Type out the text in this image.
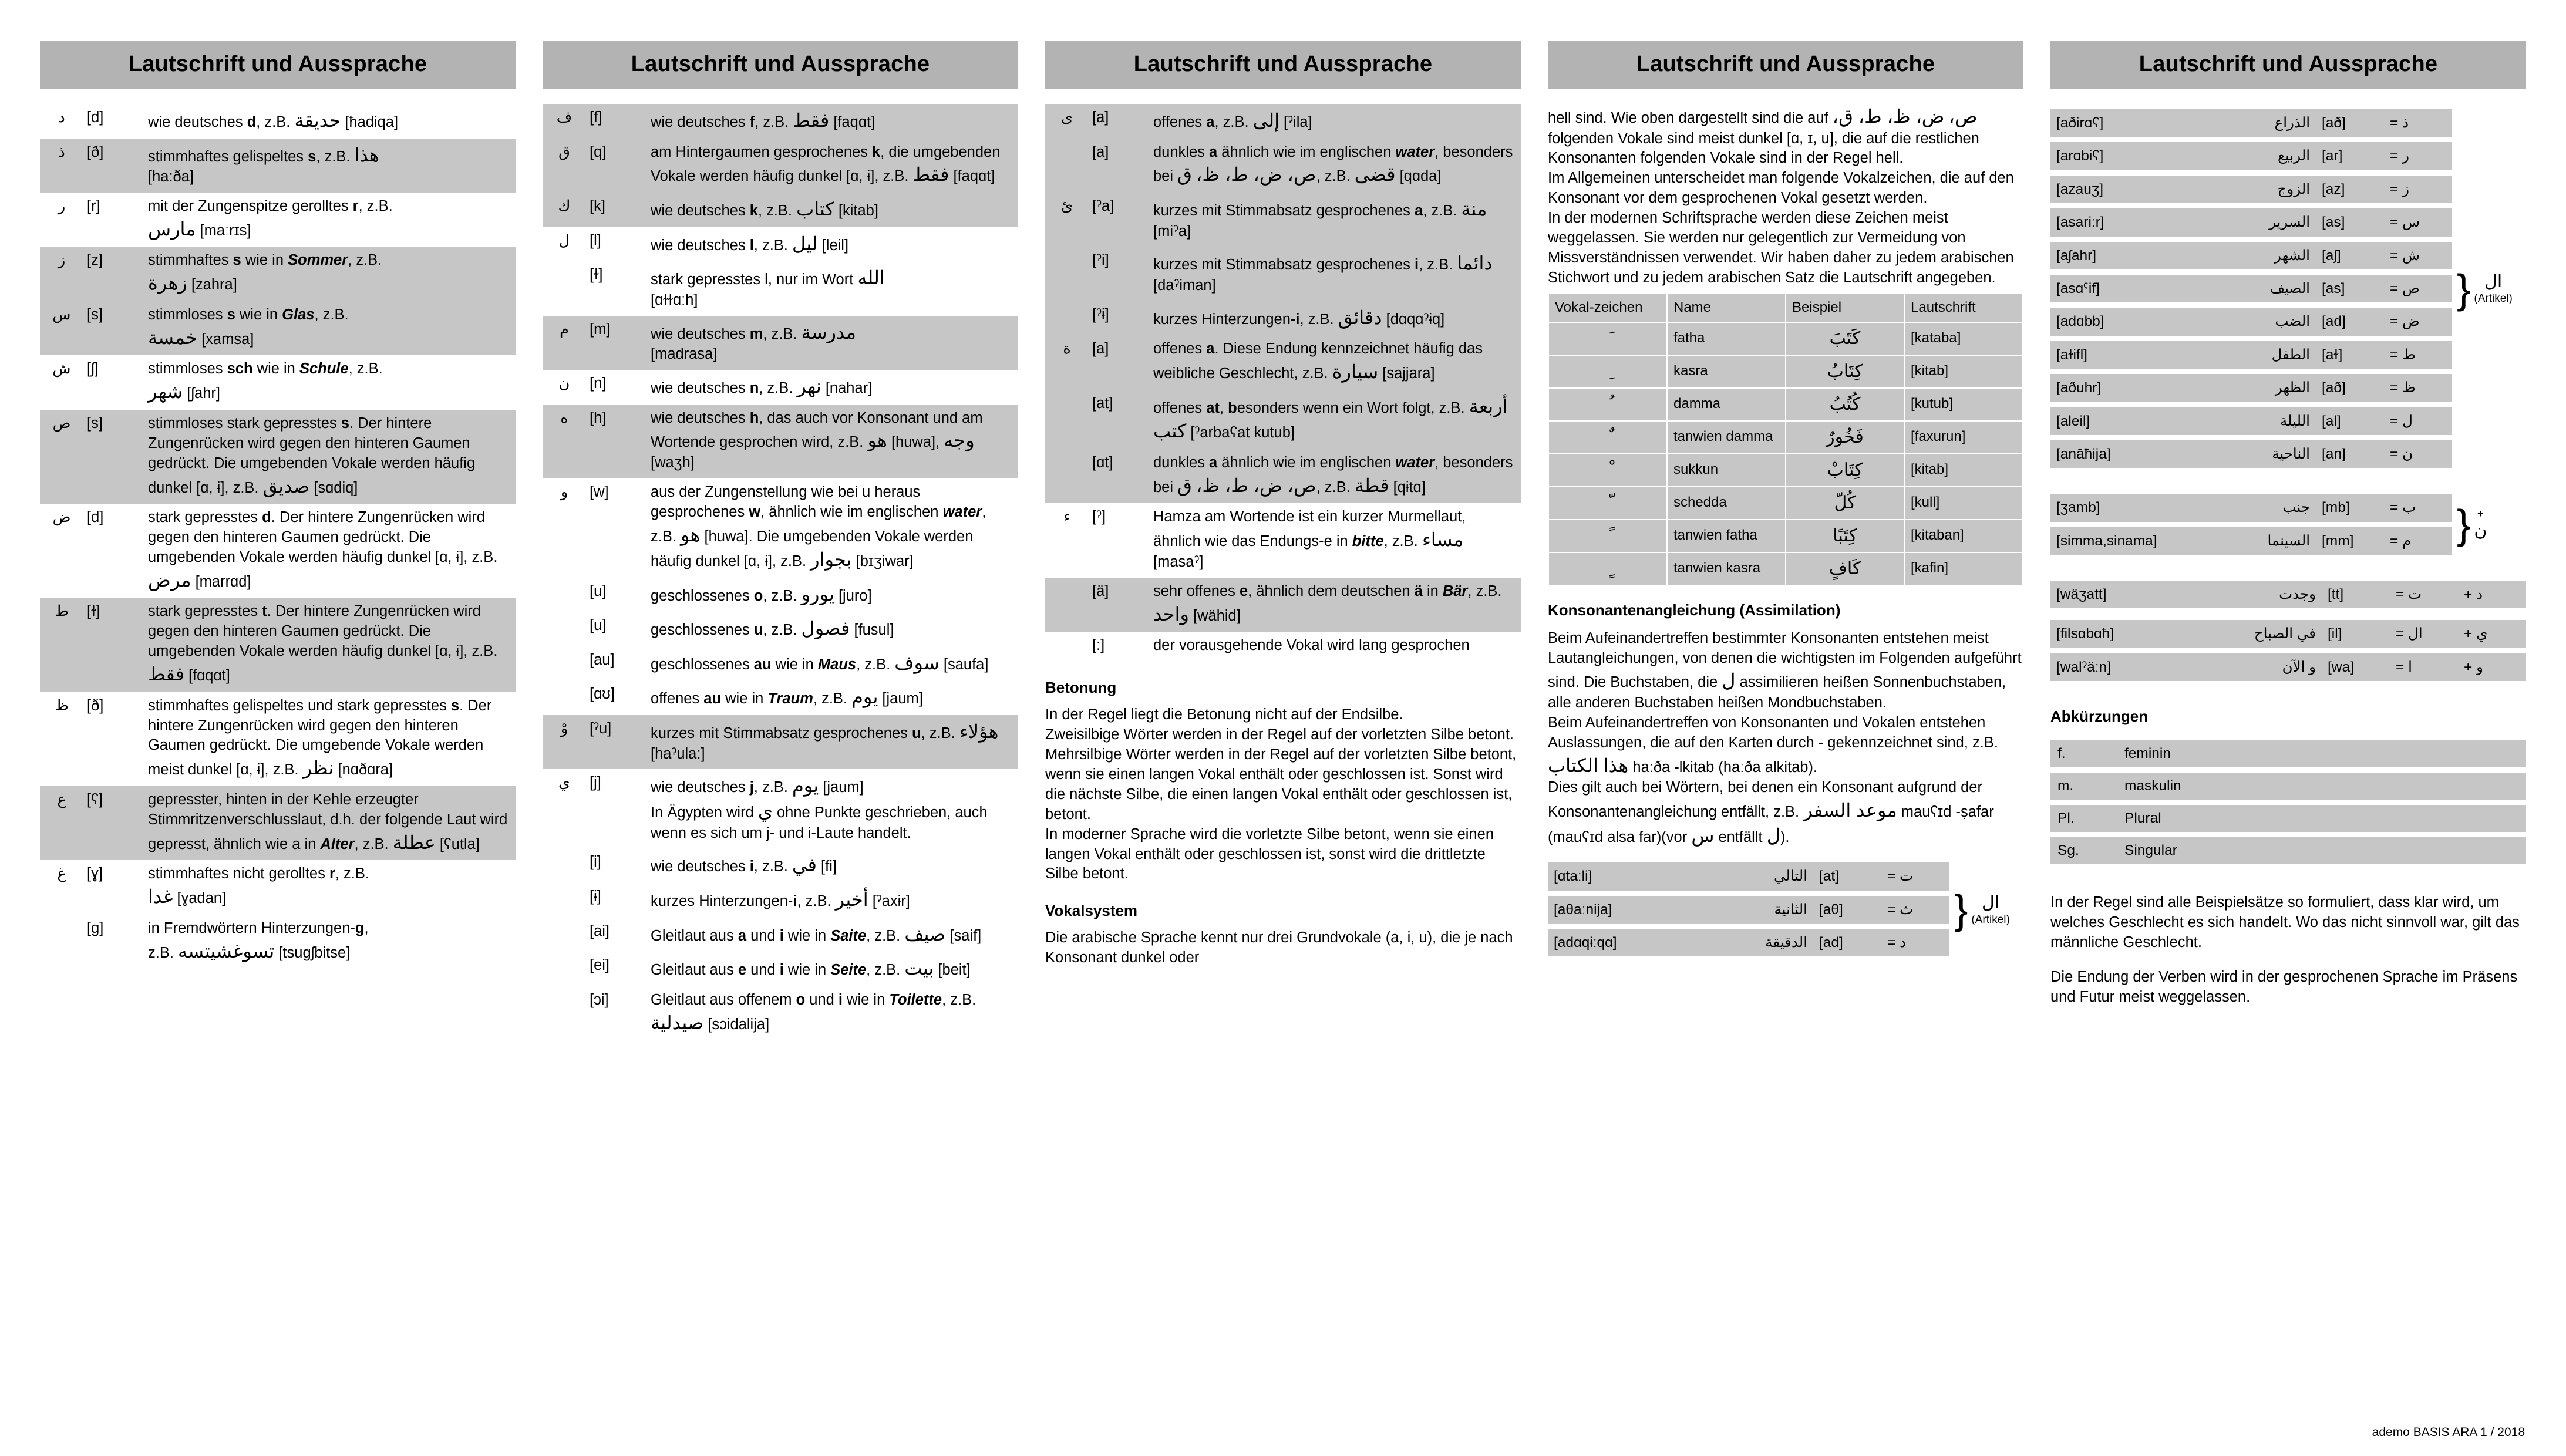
Lautschrift und Aussprache
د	[d]	wie deutsches d, z.B. حديقة [ħadiqa]
ذ	[ð]	stimmhaftes gelispeltes s, z.B. هذا
[ha:ða]
ر	[r]	mit der Zungenspitze gerolltes r, z.B.
مارس [maːrɪs]
ز	[z]	stimmhaftes s wie in Sommer, z.B.
زهرة [zahra]
س	[s]	stimmloses s wie in Glas, z.B.
خمسة [xamsa]
ش	[ʃ]	stimmloses sch wie in Schule, z.B.
شهر [ʃahr]
ص	[s]	stimmloses stark gepresstes s. Der hintere Zungenrücken wird gegen den hinteren Gaumen gedrückt. Die umgebenden Vokale werden häufig dunkel [ɑ, ɨ], z.B. صديق [sɑdiq]
ض	[d]	stark gepresstes d. Der hintere Zungenrücken wird gegen den hinteren Gaumen gedrückt. Die umgebenden Vokale werden häufig dunkel [ɑ, ɨ], z.B. مرض [marrɑd]
ط	[ɫ]	stark gepresstes t. Der hintere Zungenrücken wird gegen den hinteren Gaumen gedrückt. Die umgebenden Vokale werden häufig dunkel [ɑ, ɨ], z.B. فقط [fɑqɑt]
ظ	[ð]	stimmhaftes gelispeltes und stark gepresstes s. Der hintere Zungenrücken wird gegen den hinteren Gaumen gedrückt. Die umgebende Vokale werden meist dunkel [ɑ, ɨ], z.B. نظر [nɑðɑra]
ع	[ʕ]	gepresster, hinten in der Kehle erzeugter Stimmritzenverschlusslaut, d.h. der folgende Laut wird gepresst, ähnlich wie a in Alter, z.B. عطلة [ʕutla]
غ	[ɣ]	stimmhaftes nicht gerolltes r, z.B.
غدا [ɣadan]
	[g]	in Fremdwörtern Hinterzungen-g,
z.B. تسوغشيتسه [tsuɡʃbitse]
Lautschrift und Aussprache
ف	[f]	wie deutsches f, z.B. فقط [faqɑt]
ق	[q]	am Hintergaumen gesprochenes k, die umgebenden Vokale werden häufig dunkel [ɑ, ɨ], z.B. فقط [faqɑt]
ك	[k]	wie deutsches k, z.B. كتاب [kitab]
ل	[l]	wie deutsches l, z.B. ليل [leil]
	[ɫ]	stark gepresstes l, nur im Wort الله
[ɑɫɫɑːh]
م	[m]	wie deutsches m, z.B. مدرسة
[madrasa]
ن	[n]	wie deutsches n, z.B. نهر [nahar]
ه	[h]	wie deutsches h, das auch vor Konsonant und am Wortende gesprochen wird, z.B. هو [huwa], وجه [waʒh]
و	[w]	aus der Zungenstellung wie bei u heraus gesprochenes w, ähnlich wie im englischen water, z.B. هو [huwa]. Die umgebenden Vokale werden häufig dunkel [ɑ, ɨ], z.B. بجوار [bɪʒiwar]
	[u]	geschlossenes o, z.B. يورو [juro]
	[u]	geschlossenes u, z.B. فصول [fusul]
	[au]	geschlossenes au wie in Maus, z.B. سوف [saufa]
	[ɑʊ]	offenes au wie in Traum, z.B. يوم [jaum]
وْ	[ˀu]	kurzes mit Stimmabsatz gesprochenes u, z.B. هؤلاء [haˀula:]
ي	[j]	wie deutsches j, z.B. يوم [jaum]
In Ägypten wird ي ohne Punkte geschrieben, auch wenn es sich um j- und i-Laute handelt.
	[i]	wie deutsches i, z.B. في [fi]
	[ɨ]	kurzes Hinterzungen-i, z.B. أخير [ˀaxɨr]
	[ai]	Gleitlaut aus a und i wie in Saite, z.B. صيف [saif]
	[ei]	Gleitlaut aus e und i wie in Seite, z.B. بيت [beit]
	[ɔi]	Gleitlaut aus offenem o und i wie in Toilette, z.B. صيدلية [sɔidalija]
Lautschrift und Aussprache
ى	[a]	offenes a, z.B. إلى [ˀila]
	[a]	dunkles a ähnlich wie im englischen water, besonders bei ص، ض، ط، ظ، ق , z.B. قضى [qɑda]
ىٔ	[ˀa]	kurzes mit Stimmabsatz gesprochenes a, z.B. منة [miˀa]
	[ˀi]	kurzes mit Stimmabsatz gesprochenes i, z.B. دائما [daˀiman]
	[ˀɨ]	kurzes Hinterzungen-i, z.B. دقائق [dɑqɑˀɨq]
ة	[a]	offenes a. Diese Endung kennzeichnet häufig das weibliche Geschlecht, z.B. سيارة [sajjara]
	[at]	offenes at, besonders wenn ein Wort folgt, z.B. أربعة كتب [ˀarbaʕat kutub]
	[ɑt]	dunkles a ähnlich wie im englischen water, besonders bei ص، ض، ط، ظ، ق , z.B. قطة [qɨtɑ]
ء	[ˀ]	Hamza am Wortende ist ein kurzer Murmellaut, ähnlich wie das Endungs-e in bitte, z.B. مساء [masaˀ]
	[ä]	sehr offenes e, ähnlich dem deutschen ä in Bär, z.B. واحد [wähid]
	[:]	der vorausgehende Vokal wird lang gesprochen
Betonung

In der Regel liegt die Betonung nicht auf der Endsilbe.

Zweisilbige Wörter werden in der Regel auf der vorletzten Silbe betont.

Mehrsilbige Wörter werden in der Regel auf der vorletzten Silbe betont, wenn sie einen langen Vokal enthält oder geschlossen ist. Sonst wird die nächste Silbe, die einen langen Vokal enthält oder geschlossen ist, betont.

In moderner Sprache wird die vorletzte Silbe betont, wenn sie einen langen Vokal enthält oder geschlossen ist, sonst wird die drittletzte Silbe betont.

Vokalsystem
Die arabische Sprache kennt nur drei Grundvokale (a, i, u), die je nach Konsonant dunkel oder
Lautschrift und Aussprache

hell sind. Wie oben dargestellt sind die auf	ص، ض، ظ، ط، ق، folgenden Vokale sind meist dunkel [ɑ, ɪ, u], die auf die restlichen Konsonanten folgenden Vokale sind in der Regel hell.

Im Allgemeinen unterscheidet man folgende Vokalzeichen, die auf den Konsonant vor dem gesprochenen Vokal gesetzt werden.

In der modernen Schriftsprache werden diese Zeichen meist weggelassen. Sie werden nur gelegentlich zur Vermeidung von Missverständnissen verwendet. Wir haben daher zu jedem arabischen Stichwort und zu jedem arabischen Satz die Lautschrift angegeben.

Vokal-zeichen	Name	Beispiel	Lautschrift
	fatha	كَتَبَ	[kataba]
	kasra	كِتَابُ	[kitab]
	damma	كُتُبُ	[kutub]
	tanwien damma	فَخُورٌ	[faxurun]
	sukkun	كِتَابْ	[kitab]
	schedda	كُلّ	[kull]
	tanwien fatha	كِتَبًا	[kitaban]
	tanwien kasra	كَافٍ	[kafin]
Konsonantenangleichung (Assimilation)

Beim Aufeinandertreffen bestimmter Konsonanten entstehen meist Lautangleichungen, von denen die wichtigsten im Folgenden aufgeführt sind. Die Buchstaben, die ل assimilieren heißen Sonnenbuchstaben, alle anderen Buchstaben heißen Mondbuchstaben.

Beim Aufeinandertreffen von Konsonanten und Vokalen entstehen Auslassungen, die auf den Karten durch - gekennzeichnet sind, z.B. هذا الكتاب haːða -lkitab (haːða alkitab).

Dies gilt auch bei Wörtern, bei denen ein Konsonant aufgrund der Konsonantenangleichung entfällt, z.B. موعد السفر mauʕɪd -ṣafar (mauʕɪd alsa far)(vor س entfällt ل).

[ɑtaːli]	التالي	[at]	ت =
[aθaːnija]	الثانية	[aθ]	ث =
[adɑqɨːqɑ]	الدقيقة	[ad]	د =
} ال
(Artikel)
Lautschrift und Aussprache
[aðirɑʕ]	الذراع	[að]	ذ =
[arɑbiʕ]	الربيع	[ar]	ر =
[azauʒ]	الزوج	[az]	ز =
[asariːr]	السرير	[as]	س =
[aʃahr]	الشهر	[aʃ]	ش =
[asɑˤif]	الصيف	[as]	ص =
[adɑbb]	الضب	[ad]	ض =
[aɫifl]	الطفل	[aɫ]	ط =
[aðuhr]	الظهر	[að]	ظ =
[aleil]	الليلة	[al]	ل =
[anāħija]	الناحية	[an]	ن =
} ال
(Artikel)
[ʒamb]	جنب	[mb]	ب =
[simma,sinama]	السينما	[mm]	م = } +
ن
[wäʒatt]	وجدت	[tt]	ت =	د +
[filsɑbɑħ]	في الصباح	[il]	ال =	ي +
[walˀäːn]	و الآن	[wa]	ا =	و +
Abkürzungen
f.	feminin
m.	maskulin
Pl.	Plural
Sg.	Singular

In der Regel sind alle Beispielsätze so formuliert, dass klar wird, um welches Geschlecht es sich handelt. Wo das nicht sinnvoll war, gilt das männliche Geschlecht.

Die Endung der Verben wird in der gesprochenen Sprache im Präsens und Futur meist weggelassen.

ademo BASIS ARA 1 / 2018
